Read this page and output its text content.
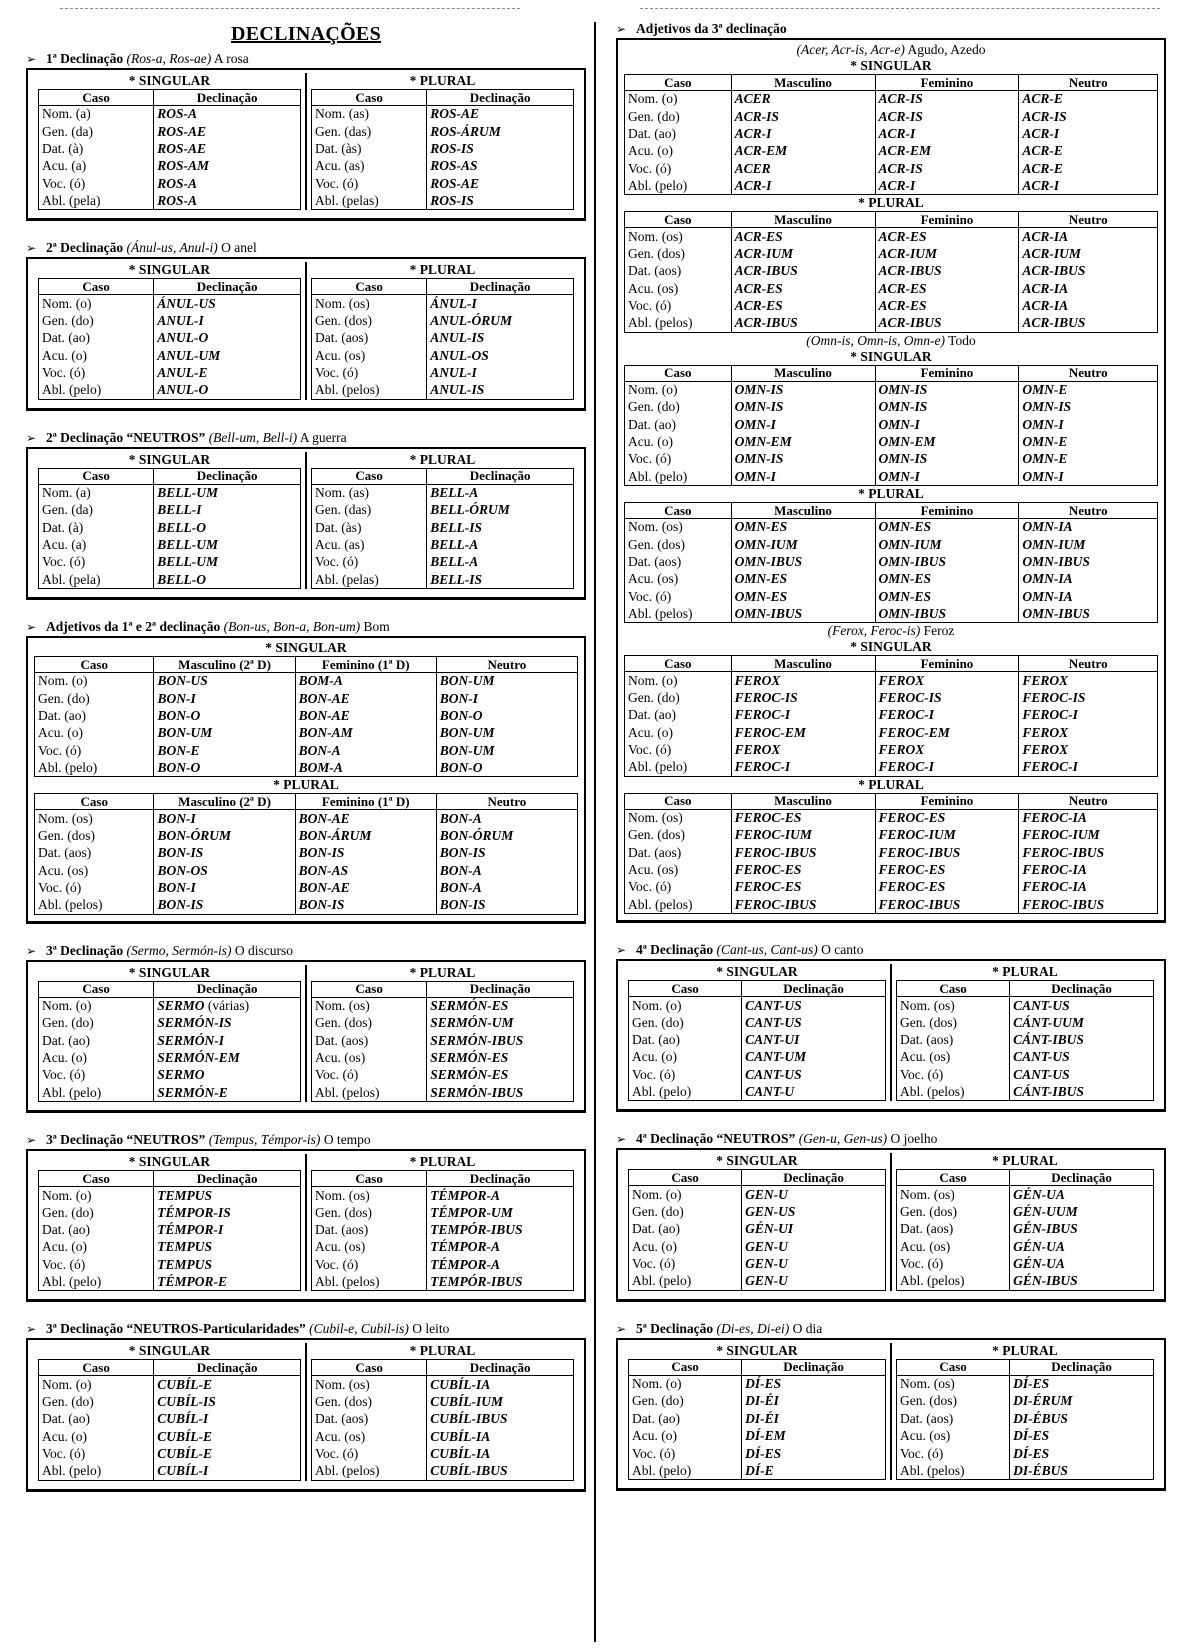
DECLINAÇÕES
➢ 1ª Declinação (Ros-a, Ros-ae) A rosa
* SINGULAR
Caso	Declinação
Nom. (a)	ROS-A
Gen. (da)	ROS-AE
Dat. (à)	ROS-AE
Acu. (a)	ROS-AM
Voc. (ó)	ROS-A
Abl. (pela)	ROS-A
* PLURAL
Caso	Declinação
Nom. (as)	ROS-AE
Gen. (das)	ROS-ÁRUM
Dat. (às)	ROS-IS
Acu. (as)	ROS-AS
Voc. (ó)	ROS-AE
Abl. (pelas)	ROS-IS
➢ 2ª Declinação (Ánul-us, Anul-i) O anel
* SINGULAR
Caso	Declinação
Nom. (o)	ÁNUL-US
Gen. (do)	ANUL-I
Dat. (ao)	ANUL-O
Acu. (o)	ANUL-UM
Voc. (ó)	ANUL-E
Abl. (pelo)	ANUL-O
* PLURAL
Caso	Declinação
Nom. (os)	ÁNUL-I
Gen. (dos)	ANUL-ÓRUM
Dat. (aos)	ANUL-IS
Acu. (os)	ANUL-OS
Voc. (ó)	ANUL-I
Abl. (pelos)	ANUL-IS
➢ 2ª Declinação “NEUTROS” (Bell-um, Bell-i) A guerra
* SINGULAR
Caso	Declinação
Nom. (a)	BELL-UM
Gen. (da)	BELL-I
Dat. (à)	BELL-O
Acu. (a)	BELL-UM
Voc. (ó)	BELL-UM
Abl. (pela)	BELL-O
* PLURAL
Caso	Declinação
Nom. (as)	BELL-A
Gen. (das)	BELL-ÓRUM
Dat. (às)	BELL-IS
Acu. (as)	BELL-A
Voc. (ó)	BELL-A
Abl. (pelas)	BELL-IS
➢ Adjetivos da 1ª e 2ª declinação (Bon-us, Bon-a, Bon-um) Bom
* SINGULAR
Caso	Masculino (2ª D)	Feminino (1ª D)	Neutro
Nom. (o)	BON-US	BOM-A	BON-UM
Gen. (do)	BON-I	BON-AE	BON-I
Dat. (ao)	BON-O	BON-AE	BON-O
Acu. (o)	BON-UM	BON-AM	BON-UM
Voc. (ó)	BON-E	BON-A	BON-UM
Abl. (pelo)	BON-O	BOM-A	BON-O
* PLURAL
Caso	Masculino (2ª D)	Feminino (1ª D)	Neutro
Nom. (os)	BON-I	BON-AE	BON-A
Gen. (dos)	BON-ÓRUM	BON-ÁRUM	BON-ÓRUM
Dat. (aos)	BON-IS	BON-IS	BON-IS
Acu. (os)	BON-OS	BON-AS	BON-A
Voc. (ó)	BON-I	BON-AE	BON-A
Abl. (pelos)	BON-IS	BON-IS	BON-IS
➢ 3ª Declinação (Sermo, Sermón-is) O discurso
* SINGULAR
Caso	Declinação
Nom. (o)	SERMO (várias)
Gen. (do)	SERMÓN-IS
Dat. (ao)	SERMÓN-I
Acu. (o)	SERMÓN-EM
Voc. (ó)	SERMO
Abl. (pelo)	SERMÓN-E
* PLURAL
Caso	Declinação
Nom. (os)	SERMÓN-ES
Gen. (dos)	SERMÓN-UM
Dat. (aos)	SERMÓN-IBUS
Acu. (os)	SERMÓN-ES
Voc. (ó)	SERMÓN-ES
Abl. (pelos)	SERMÓN-IBUS
➢ 3ª Declinação “NEUTROS” (Tempus, Témpor-is) O tempo
* SINGULAR
Caso	Declinação
Nom. (o)	TEMPUS
Gen. (do)	TÉMPOR-IS
Dat. (ao)	TÉMPOR-I
Acu. (o)	TEMPUS
Voc. (ó)	TEMPUS
Abl. (pelo)	TÉMPOR-E
* PLURAL
Caso	Declinação
Nom. (os)	TÉMPOR-A
Gen. (dos)	TÉMPOR-UM
Dat. (aos)	TEMPÓR-IBUS
Acu. (os)	TÉMPOR-A
Voc. (ó)	TÉMPOR-A
Abl. (pelos)	TEMPÓR-IBUS
➢ 3ª Declinação “NEUTROS-Particularidades” (Cubil-e, Cubil-is) O leito
* SINGULAR
Caso	Declinação
Nom. (o)	CUBÍL-E
Gen. (do)	CUBÍL-IS
Dat. (ao)	CUBÍL-I
Acu. (o)	CUBÍL-E
Voc. (ó)	CUBÍL-E
Abl. (pelo)	CUBÍL-I
* PLURAL
Caso	Declinação
Nom. (os)	CUBÍL-IA
Gen. (dos)	CUBÍL-IUM
Dat. (aos)	CUBÍL-IBUS
Acu. (os)	CUBÍL-IA
Voc. (ó)	CUBÍL-IA
Abl. (pelos)	CUBÍL-IBUS
➢ Adjetivos da 3ª declinação
(Acer, Acr-is, Acr-e) Agudo, Azedo
* SINGULAR
Caso	Masculino	Feminino	Neutro
Nom. (o)	ACER	ACR-IS	ACR-E
Gen. (do)	ACR-IS	ACR-IS	ACR-IS
Dat. (ao)	ACR-I	ACR-I	ACR-I
Acu. (o)	ACR-EM	ACR-EM	ACR-E
Voc. (ó)	ACER	ACR-IS	ACR-E
Abl. (pelo)	ACR-I	ACR-I	ACR-I
* PLURAL
Caso	Masculino	Feminino	Neutro
Nom. (os)	ACR-ES	ACR-ES	ACR-IA
Gen. (dos)	ACR-IUM	ACR-IUM	ACR-IUM
Dat. (aos)	ACR-IBUS	ACR-IBUS	ACR-IBUS
Acu. (os)	ACR-ES	ACR-ES	ACR-IA
Voc. (ó)	ACR-ES	ACR-ES	ACR-IA
Abl. (pelos)	ACR-IBUS	ACR-IBUS	ACR-IBUS
(Omn-is, Omn-is, Omn-e) Todo
* SINGULAR
Caso	Masculino	Feminino	Neutro
Nom. (o)	OMN-IS	OMN-IS	OMN-E
Gen. (do)	OMN-IS	OMN-IS	OMN-IS
Dat. (ao)	OMN-I	OMN-I	OMN-I
Acu. (o)	OMN-EM	OMN-EM	OMN-E
Voc. (ó)	OMN-IS	OMN-IS	OMN-E
Abl. (pelo)	OMN-I	OMN-I	OMN-I
* PLURAL
Caso	Masculino	Feminino	Neutro
Nom. (os)	OMN-ES	OMN-ES	OMN-IA
Gen. (dos)	OMN-IUM	OMN-IUM	OMN-IUM
Dat. (aos)	OMN-IBUS	OMN-IBUS	OMN-IBUS
Acu. (os)	OMN-ES	OMN-ES	OMN-IA
Voc. (ó)	OMN-ES	OMN-ES	OMN-IA
Abl. (pelos)	OMN-IBUS	OMN-IBUS	OMN-IBUS
(Ferox, Feroc-is) Feroz
* SINGULAR
Caso	Masculino	Feminino	Neutro
Nom. (o)	FEROX	FEROX	FEROX
Gen. (do)	FEROC-IS	FEROC-IS	FEROC-IS
Dat. (ao)	FEROC-I	FEROC-I	FEROC-I
Acu. (o)	FEROC-EM	FEROC-EM	FEROX
Voc. (ó)	FEROX	FEROX	FEROX
Abl. (pelo)	FEROC-I	FEROC-I	FEROC-I
* PLURAL
Caso	Masculino	Feminino	Neutro
Nom. (os)	FEROC-ES	FEROC-ES	FEROC-IA
Gen. (dos)	FEROC-IUM	FEROC-IUM	FEROC-IUM
Dat. (aos)	FEROC-IBUS	FEROC-IBUS	FEROC-IBUS
Acu. (os)	FEROC-ES	FEROC-ES	FEROC-IA
Voc. (ó)	FEROC-ES	FEROC-ES	FEROC-IA
Abl. (pelos)	FEROC-IBUS	FEROC-IBUS	FEROC-IBUS
➢ 4ª Declinação (Cant-us, Cant-us) O canto
* SINGULAR
Caso	Declinação
Nom. (o)	CANT-US
Gen. (do)	CANT-US
Dat. (ao)	CANT-UI
Acu. (o)	CANT-UM
Voc. (ó)	CANT-US
Abl. (pelo)	CANT-U
* PLURAL
Caso	Declinação
Nom. (os)	CANT-US
Gen. (dos)	CÁNT-UUM
Dat. (aos)	CÁNT-IBUS
Acu. (os)	CANT-US
Voc. (ó)	CANT-US
Abl. (pelos)	CÁNT-IBUS
➢ 4ª Declinação “NEUTROS” (Gen-u, Gen-us) O joelho
* SINGULAR
Caso	Declinação
Nom. (o)	GEN-U
Gen. (do)	GEN-US
Dat. (ao)	GÉN-UI
Acu. (o)	GEN-U
Voc. (ó)	GEN-U
Abl. (pelo)	GEN-U
* PLURAL
Caso	Declinação
Nom. (os)	GÉN-UA
Gen. (dos)	GÉN-UUM
Dat. (aos)	GÉN-IBUS
Acu. (os)	GÉN-UA
Voc. (ó)	GÉN-UA
Abl. (pelos)	GÉN-IBUS
➢ 5ª Declinação (Di-es, Di-ei) O dia
* SINGULAR
Caso	Declinação
Nom. (o)	DÍ-ES
Gen. (do)	DI-ÉI
Dat. (ao)	DI-ÉI
Acu. (o)	DÍ-EM
Voc. (ó)	DÍ-ES
Abl. (pelo)	DÍ-E
* PLURAL
Caso	Declinação
Nom. (os)	DÍ-ES
Gen. (dos)	DI-ÉRUM
Dat. (aos)	DI-ÉBUS
Acu. (os)	DÍ-ES
Voc. (ó)	DÍ-ES
Abl. (pelos)	DI-ÉBUS
